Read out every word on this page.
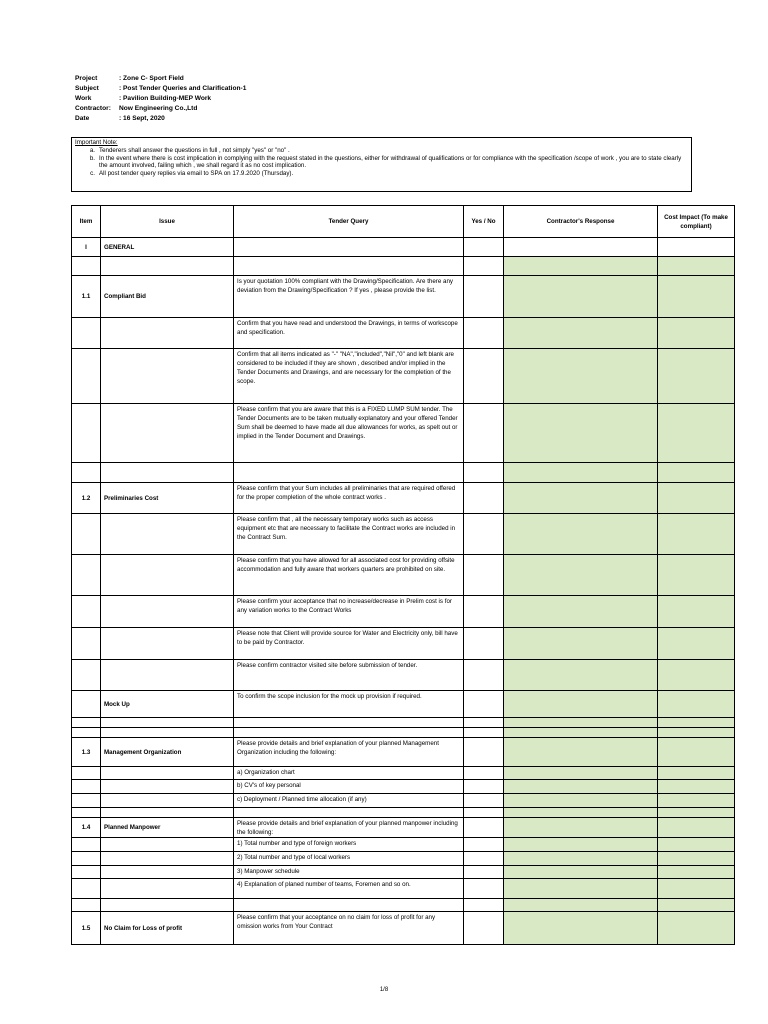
Project	: Zone C- Sport Field
Subject	: Post Tender Queries and Clarification-1
Work	: Pavilion Building-MEP Work
Contractor:	Now Engineering Co.,Ltd
Date	: 16 Sept, 2020
Important Note:
a. Tenderers shall answer the questions in full , not simply "yes" or "no" .
b. In the event where there is cost implication in complying with the request stated in the questions, either for withdrawal of qualifications or for compliance with the specification /scope of work , you are to state clearly the amount involved, failing which , we shall regard it as no cost implication.
c. All post tender query replies via email to SPA on 17.9.2020 (Thursday).
Item	Issue	Tender Query	Yes / No	Contractor's Response	Cost Impact (To make compliant)
I	GENERAL				

1.1	Compliant Bid	Is your quotation 100% compliant with the Drawing/Specification. Are there any deviation from the Drawing/Specification ? If yes , please provide the list.			
		Confirm that you have read and understood the Drawings, in terms of workscope and specification.			
		Confirm that all items indicated as "-" "NA","included","Nil","0" and left blank are considered to be included if they are shown , described and/or implied in the Tender Documents and Drawings, and are necessary for the completion of the scope.			
		Please confirm that you are aware that this is a FIXED LUMP SUM tender. The Tender Documents are to be taken mutually explanatory and your offered Tender Sum shall be deemed to have made all due allowances for works, as spelt out or implied in the Tender Document and Drawings.			

1.2	Preliminaries Cost	Please confirm that your Sum includes all preliminaries that are required offered for the proper completion of the whole contract works .			
		Please confirm that , all the necessary temporary works such as access equipment etc that are necessary to facilitate the Contract works are included in the Contract Sum.			
		Please confirm that you have allowed for all associated cost for providing offsite accommodation and fully aware that workers quarters are prohibited on site.			
		Please confirm your acceptance that no increase/decrease in Prelim cost is for any variation works to the Contract Works			
		Please note that Client will provide source for Water and Electricity only, bill have to be paid by Contractor.			
		Please confirm contractor visited site before submission of tender.			
	Mock Up	To confirm the scope inclusion for the mock up provision if required.			

1.3	Management Organization	Please provide details and brief explanation of your planned Management Organization including the following:			
		a) Organization chart			
		b) CV's of key personal			
		c) Deployment / Planned time allocation (if any)			

1.4	Planned Manpower	Please provide details and brief explanation of your planned manpower including the following:			
		1) Total number and type of foreign workers			
		2) Total number and type of local workers			
		3) Manpower schedule			
		4) Explanation of planed number of teams, Foremen and so on.			

1.5	No Claim for Loss of profit	Please confirm that your acceptance on no claim for loss of profit for any omission works from Your Contract			
1/8
